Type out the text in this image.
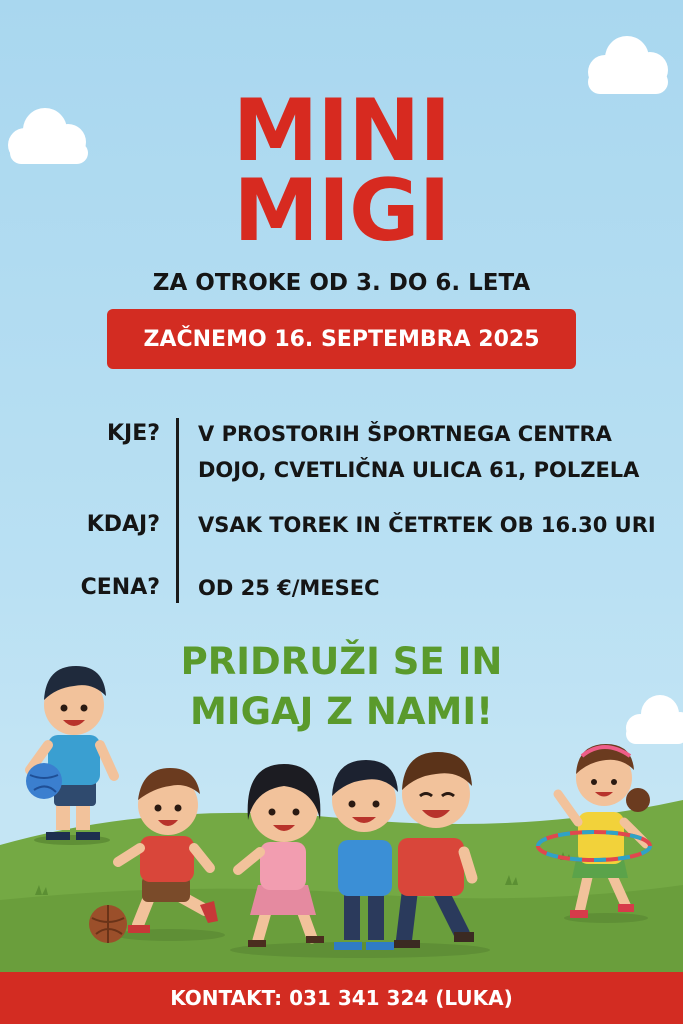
MINI
MIGI
ZA OTROKE OD 3. DO 6. LETA
ZAČNEMO 16. SEPTEMBRA 2025
KJE? V PROSTORIH ŠPORTNEGA CENTRA
DOJO, CVETLIČNA ULICA 61, POLZELA
KDAJ? VSAK TOREK IN ČETRTEK OB 16.30 URI
CENA? OD 25 €/MESEC
PRIDRUŽI SE IN
MIGAJ Z NAMI!
KONTAKT: 031 341 324 (LUKA)
